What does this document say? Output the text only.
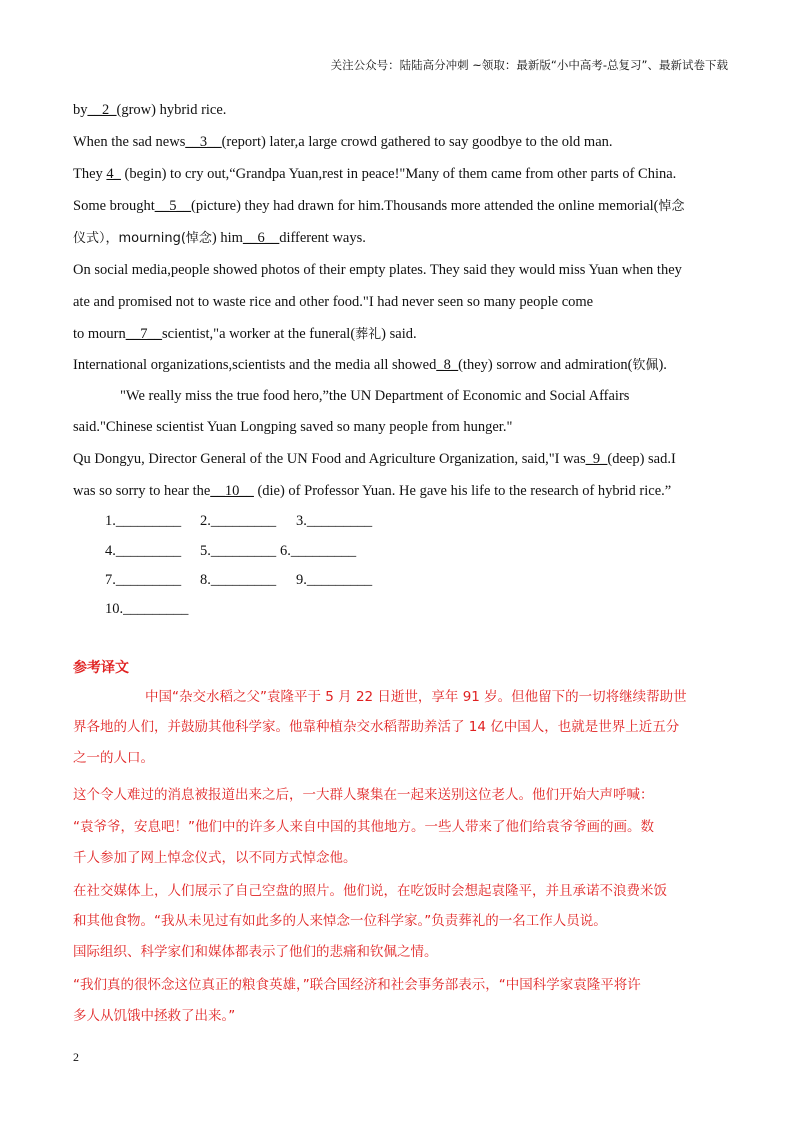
关注公众号：陆陆高分冲刺 ~领取：最新版“小中高考-总复习”、最新试卷下载
by__2_(grow) hybrid rice.
When the sad news__3__(report) later,a large crowd gathered to say goodbye to the old man.
They 4_ (begin) to cry out,“Grandpa Yuan,rest in peace!"Many of them came from other parts of China.
Some brought__5__(picture) they had drawn for him.Thousands more attended the online memorial(悼念
仪式），mourning(悼念) him__6__different ways.
On social media,people showed photos of their empty plates. They said they would miss Yuan when they
ate and promised not to waste rice and other food."I had never seen so many people come
to mourn__7__scientist,"a worker at the funeral(葬礼) said.
International organizations,scientists and the media all showed_8_(they) sorrow and admiration(钦佩).
"We really miss the true food hero,”the UN Department of Economic and Social Affairs
said."Chinese scientist Yuan Longping saved so many people from hunger."
Qu Dongyu, Director General of the UN Food and Agriculture Organization, said,"I was_9_(deep) sad.I
was so sorry to hear the__10__ (die) of Professor Yuan. He gave his life to the research of hybrid rice.”
1._________ 2._________ 3._________
4._________ 5._________ 6._________
7._________ 8._________ 9._________
10._________
参考译文
中国“杂交水稻之父”袁隆平于 5 月 22 日逝世，享年 91 岁。但他留下的一切将继续帮助世
界各地的人们，并鼓励其他科学家。他靠种植杂交水稻帮助养活了 14 亿中国人，也就是世界上近五分
之一的人口。
这个令人难过的消息被报道出来之后，一大群人聚集在一起来送别这位老人。他们开始大声呼喊：
“袁爷爷，安息吧！”他们中的许多人来自中国的其他地方。一些人带来了他们给袁爷爷画的画。数
千人参加了网上悼念仪式，以不同方式悼念他。
在社交媒体上，人们展示了自己空盘的照片。他们说，在吃饭时会想起袁隆平，并且承诺不浪费米饭
和其他食物。“我从未见过有如此多的人来悼念一位科学家。”负责葬礼的一名工作人员说。
国际组织、科学家们和媒体都表示了他们的悲痛和钦佩之情。
“我们真的很怀念这位真正的粮食英雄，”联合国经济和社会事务部表示，“中国科学家袁隆平将许
多人从饥饿中拯救了出来。”
2
